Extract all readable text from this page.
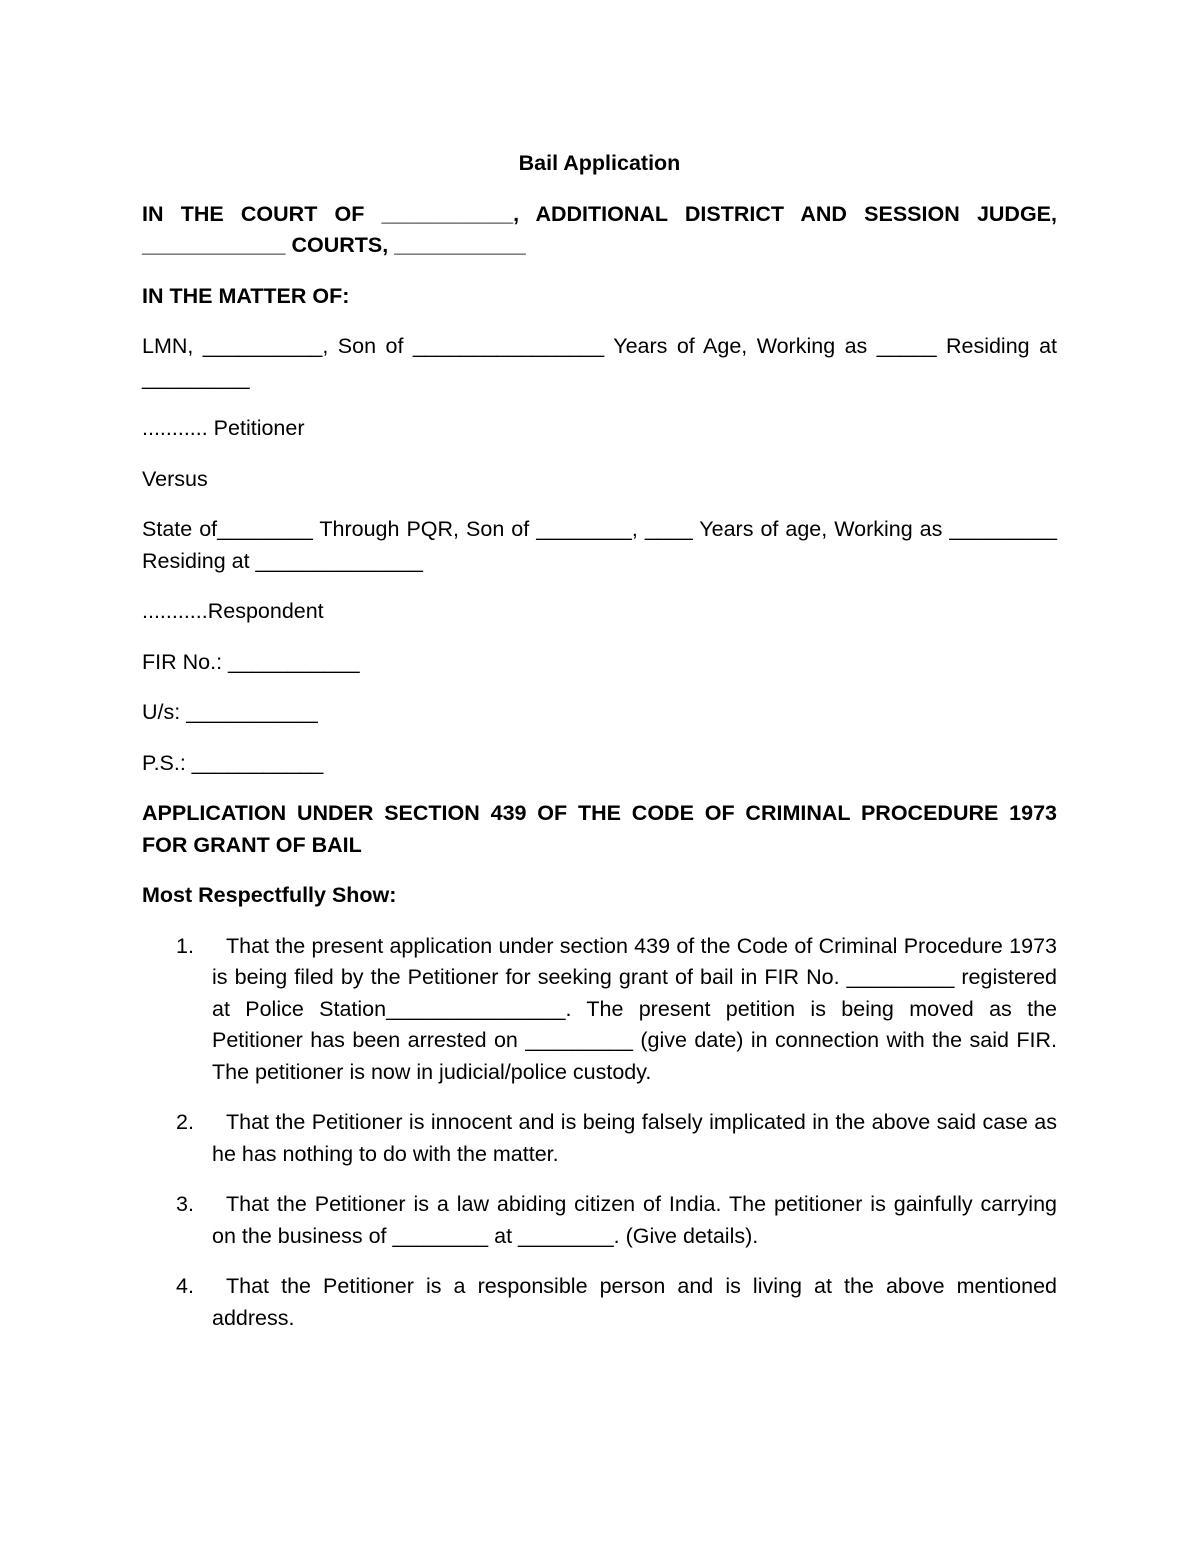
Bail Application
IN THE COURT OF ___________, ADDITIONAL DISTRICT AND SESSION JUDGE, ____________ COURTS, ___________
IN THE MATTER OF:
LMN, __________, Son of ________________ Years of Age, Working as _____ Residing at _________
........... Petitioner
Versus
State of________ Through PQR, Son of ________, ____ Years of age, Working as _________ Residing at ______________
...........Respondent
FIR No.: ___________
U/s: ___________
P.S.: ___________
APPLICATION UNDER SECTION 439 OF THE CODE OF CRIMINAL PROCEDURE 1973 FOR GRANT OF BAIL
Most Respectfully Show:
1.	That the present application under section 439 of the Code of Criminal Procedure 1973 is being filed by the Petitioner for seeking grant of bail in FIR No. _________ registered at Police Station_______________. The present petition is being moved as the Petitioner has been arrested on _________ (give date) in connection with the said FIR. The petitioner is now in judicial/police custody.
2.	That the Petitioner is innocent and is being falsely implicated in the above said case as he has nothing to do with the matter.
3.	That the Petitioner is a law abiding citizen of India. The petitioner is gainfully carrying on the business of ________ at ________. (Give details).
4.	That the Petitioner is a responsible person and is living at the above mentioned address.
